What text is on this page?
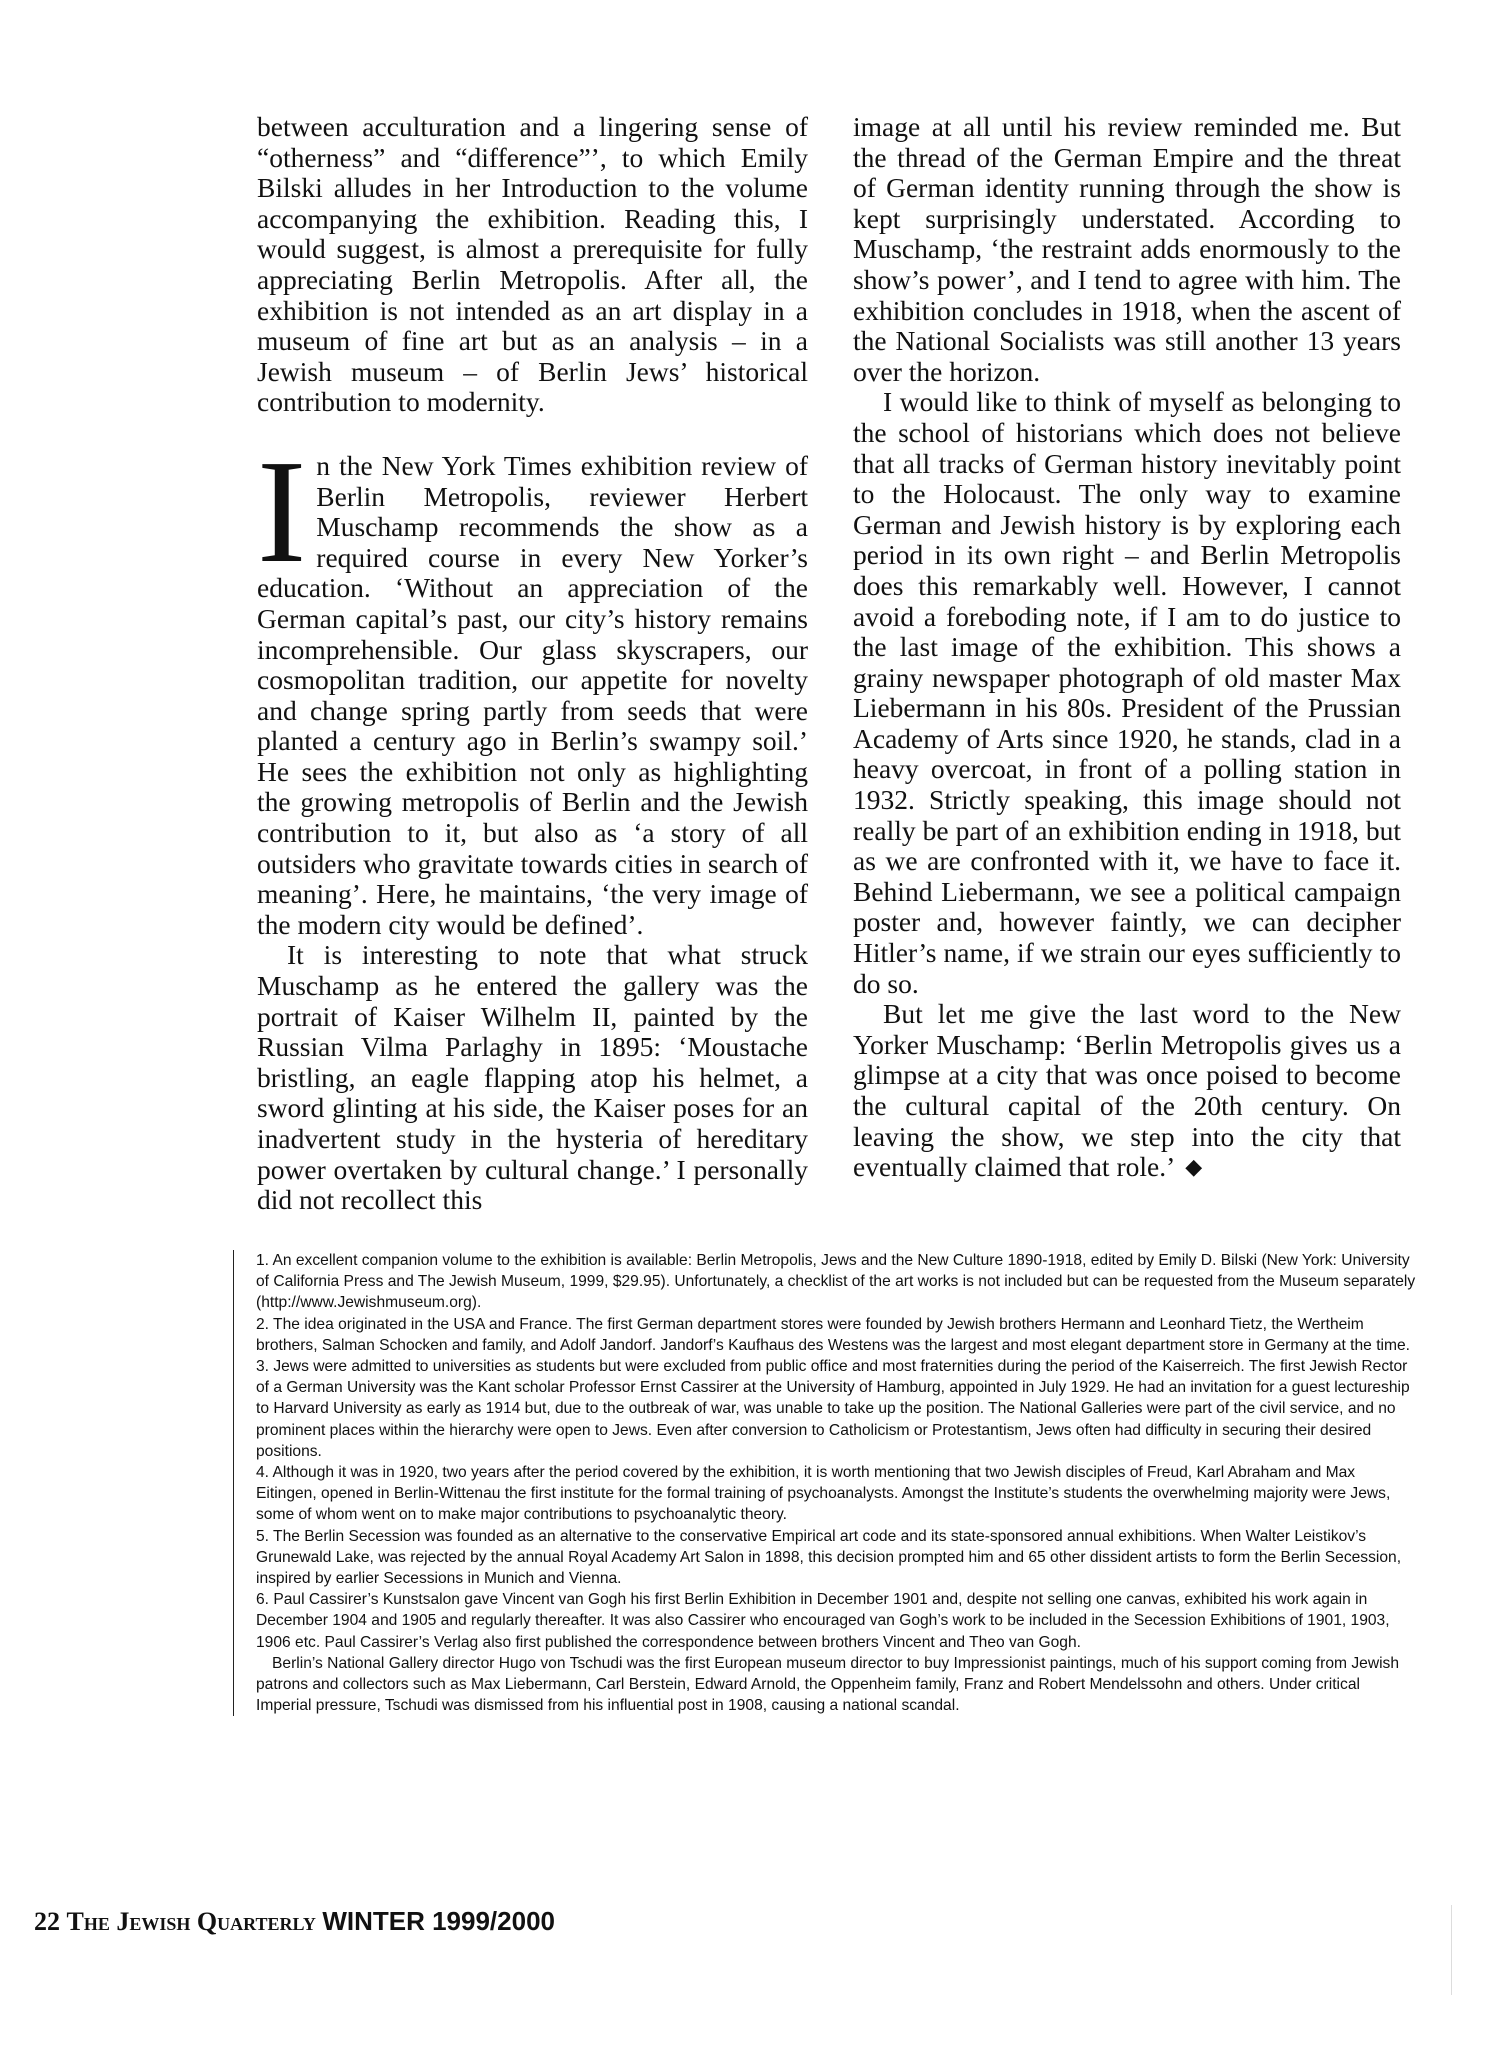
between acculturation and a lingering sense of “otherness” and “difference”’, to which Emily Bilski alludes in her Introduction to the volume accompanying the exhibition. Reading this, I would suggest, is almost a prerequisite for fully appreciating Berlin Metropolis. After all, the exhibition is not intended as an art display in a museum of fine art but as an analysis – in a Jewish museum – of Berlin Jews’ historical contribution to modernity.

In the New York Times exhibition review of Berlin Metropolis, reviewer Herbert Muschamp recommends the show as a required course in every New Yorker’s education. ‘Without an appreciation of the German capital’s past, our city’s history remains incomprehensible. Our glass skyscrapers, our cosmopolitan tradition, our appetite for novelty and change spring partly from seeds that were planted a century ago in Berlin’s swampy soil.’ He sees the exhibition not only as highlighting the growing metropolis of Berlin and the Jewish contribution to it, but also as ‘a story of all outsiders who gravitate towards cities in search of meaning’. Here, he maintains, ‘the very image of the modern city would be defined’.

It is interesting to note that what struck Muschamp as he entered the gallery was the portrait of Kaiser Wilhelm II, painted by the Russian Vilma Parlaghy in 1895: ‘Moustache bristling, an eagle flapping atop his helmet, a sword glinting at his side, the Kaiser poses for an inadvertent study in the hysteria of hereditary power overtaken by cultural change.’ I personally did not recollect this

image at all until his review reminded me. But the thread of the German Empire and the threat of German identity running through the show is kept surprisingly understated. According to Muschamp, ‘the restraint adds enormously to the show’s power’, and I tend to agree with him. The exhibition concludes in 1918, when the ascent of the National Socialists was still another 13 years over the horizon.

I would like to think of myself as belonging to the school of historians which does not believe that all tracks of German history inevitably point to the Holocaust. The only way to examine German and Jewish history is by exploring each period in its own right – and Berlin Metropolis does this remarkably well. However, I cannot avoid a foreboding note, if I am to do justice to the last image of the exhibition. This shows a grainy newspaper photograph of old master Max Liebermann in his 80s. President of the Prussian Academy of Arts since 1920, he stands, clad in a heavy overcoat, in front of a polling station in 1932. Strictly speaking, this image should not really be part of an exhibition ending in 1918, but as we are confronted with it, we have to face it. Behind Liebermann, we see a political campaign poster and, however faintly, we can decipher Hitler’s name, if we strain our eyes sufficiently to do so.

But let me give the last word to the New Yorker Muschamp: ‘Berlin Metropolis gives us a glimpse at a city that was once poised to become the cultural capital of the 20th century. On leaving the show, we step into the city that eventually claimed that role.’ ◆

1. An excellent companion volume to the exhibition is available: Berlin Metropolis, Jews and the New Culture 1890-1918, edited by Emily D. Bilski (New York: University of California Press and The Jewish Museum, 1999, $29.95). Unfortunately, a checklist of the art works is not included but can be requested from the Museum separately (http://www.Jewishmuseum.org).

2. The idea originated in the USA and France. The first German department stores were founded by Jewish brothers Hermann and Leonhard Tietz, the Wertheim brothers, Salman Schocken and family, and Adolf Jandorf. Jandorf’s Kaufhaus des Westens was the largest and most elegant department store in Germany at the time.

3. Jews were admitted to universities as students but were excluded from public office and most fraternities during the period of the Kaiserreich. The first Jewish Rector of a German University was the Kant scholar Professor Ernst Cassirer at the University of Hamburg, appointed in July 1929. He had an invitation for a guest lectureship to Harvard University as early as 1914 but, due to the outbreak of war, was unable to take up the position. The National Galleries were part of the civil service, and no prominent places within the hierarchy were open to Jews. Even after conversion to Catholicism or Protestantism, Jews often had difficulty in securing their desired positions.

4. Although it was in 1920, two years after the period covered by the exhibition, it is worth mentioning that two Jewish disciples of Freud, Karl Abraham and Max Eitingen, opened in Berlin-Wittenau the first institute for the formal training of psychoanalysts. Amongst the Institute’s students the overwhelming majority were Jews, some of whom went on to make major contributions to psychoanalytic theory.

5. The Berlin Secession was founded as an alternative to the conservative Empirical art code and its state-sponsored annual exhibitions. When Walter Leistikov’s Grunewald Lake, was rejected by the annual Royal Academy Art Salon in 1898, this decision prompted him and 65 other dissident artists to form the Berlin Secession, inspired by earlier Secessions in Munich and Vienna.

6. Paul Cassirer’s Kunstsalon gave Vincent van Gogh his first Berlin Exhibition in December 1901 and, despite not selling one canvas, exhibited his work again in December 1904 and 1905 and regularly thereafter. It was also Cassirer who encouraged van Gogh’s work to be included in the Secession Exhibitions of 1901, 1903, 1906 etc. Paul Cassirer’s Verlag also first published the correspondence between brothers Vincent and Theo van Gogh.

Berlin’s National Gallery director Hugo von Tschudi was the first European museum director to buy Impressionist paintings, much of his support coming from Jewish patrons and collectors such as Max Liebermann, Carl Berstein, Edward Arnold, the Oppenheim family, Franz and Robert Mendelssohn and others. Under critical Imperial pressure, Tschudi was dismissed from his influential post in 1908, causing a national scandal.

22 The Jewish Quarterly WINTER 1999/2000
